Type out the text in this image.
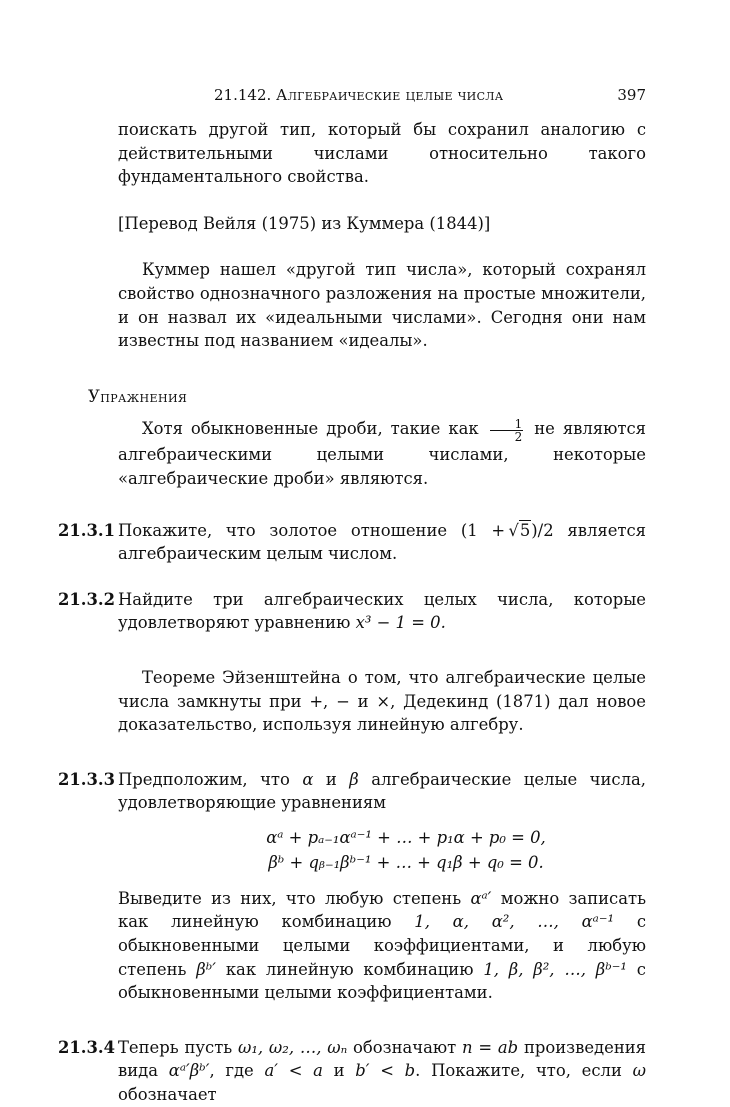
21.142. Алгебраические целые числа	397

поискать другой тип, который бы сохранил аналогию с действительными числами относительно такого фундаментального свойства.

[Перевод Вейля (1975) из Куммера (1844)]

Куммер нашел «другой тип числа», который сохранял свойство однозначного разложения на простые множители, и он назвал их «идеальными числами». Сегодня они нам известны под названием «идеалы».

Упражнения

Хотя обыкновенные дроби, такие как $\frac{1}{2}$ не являются алгебраическими целыми числами, некоторые «алгебраические дроби» являются.

21.3.1 Покажите, что золотое отношение (1 + √5)/2 является алгебраическим целым числом.

21.3.2 Найдите три алгебраических целых числа, которые удовлетворяют уравнению x³ − 1 = 0.

Теореме Эйзенштейна о том, что алгебраические целые числа замкнуты при +, − и ×, Дедекинд (1871) дал новое доказательство, используя линейную алгебру.

21.3.3 Предположим, что α и β алгебраические целые числа, удовлетворяющие уравнениям

αᵃ + pₐ₋₁αᵃ⁻¹ + … + p₁α + p₀ = 0,
βᵇ + qᵦ₋₁βᵇ⁻¹ + … + q₁β + q₀ = 0.

Выведите из них, что любую степень αᵃ′ можно записать как линейную комбинацию 1, α, α², …, αᵃ⁻¹ с обыкновенными целыми коэффициентами, и любую степень βᵇ′ как линейную комбинацию 1, β, β², …, βᵇ⁻¹ с обыкновенными целыми коэффициентами.

21.3.4 Теперь пусть ω₁, ω₂, …, ωₙ обозначают n = ab произведения вида αᵃ′βᵇ′, где a′ < a и b′ < b. Покажите, что, если ω обозначает
